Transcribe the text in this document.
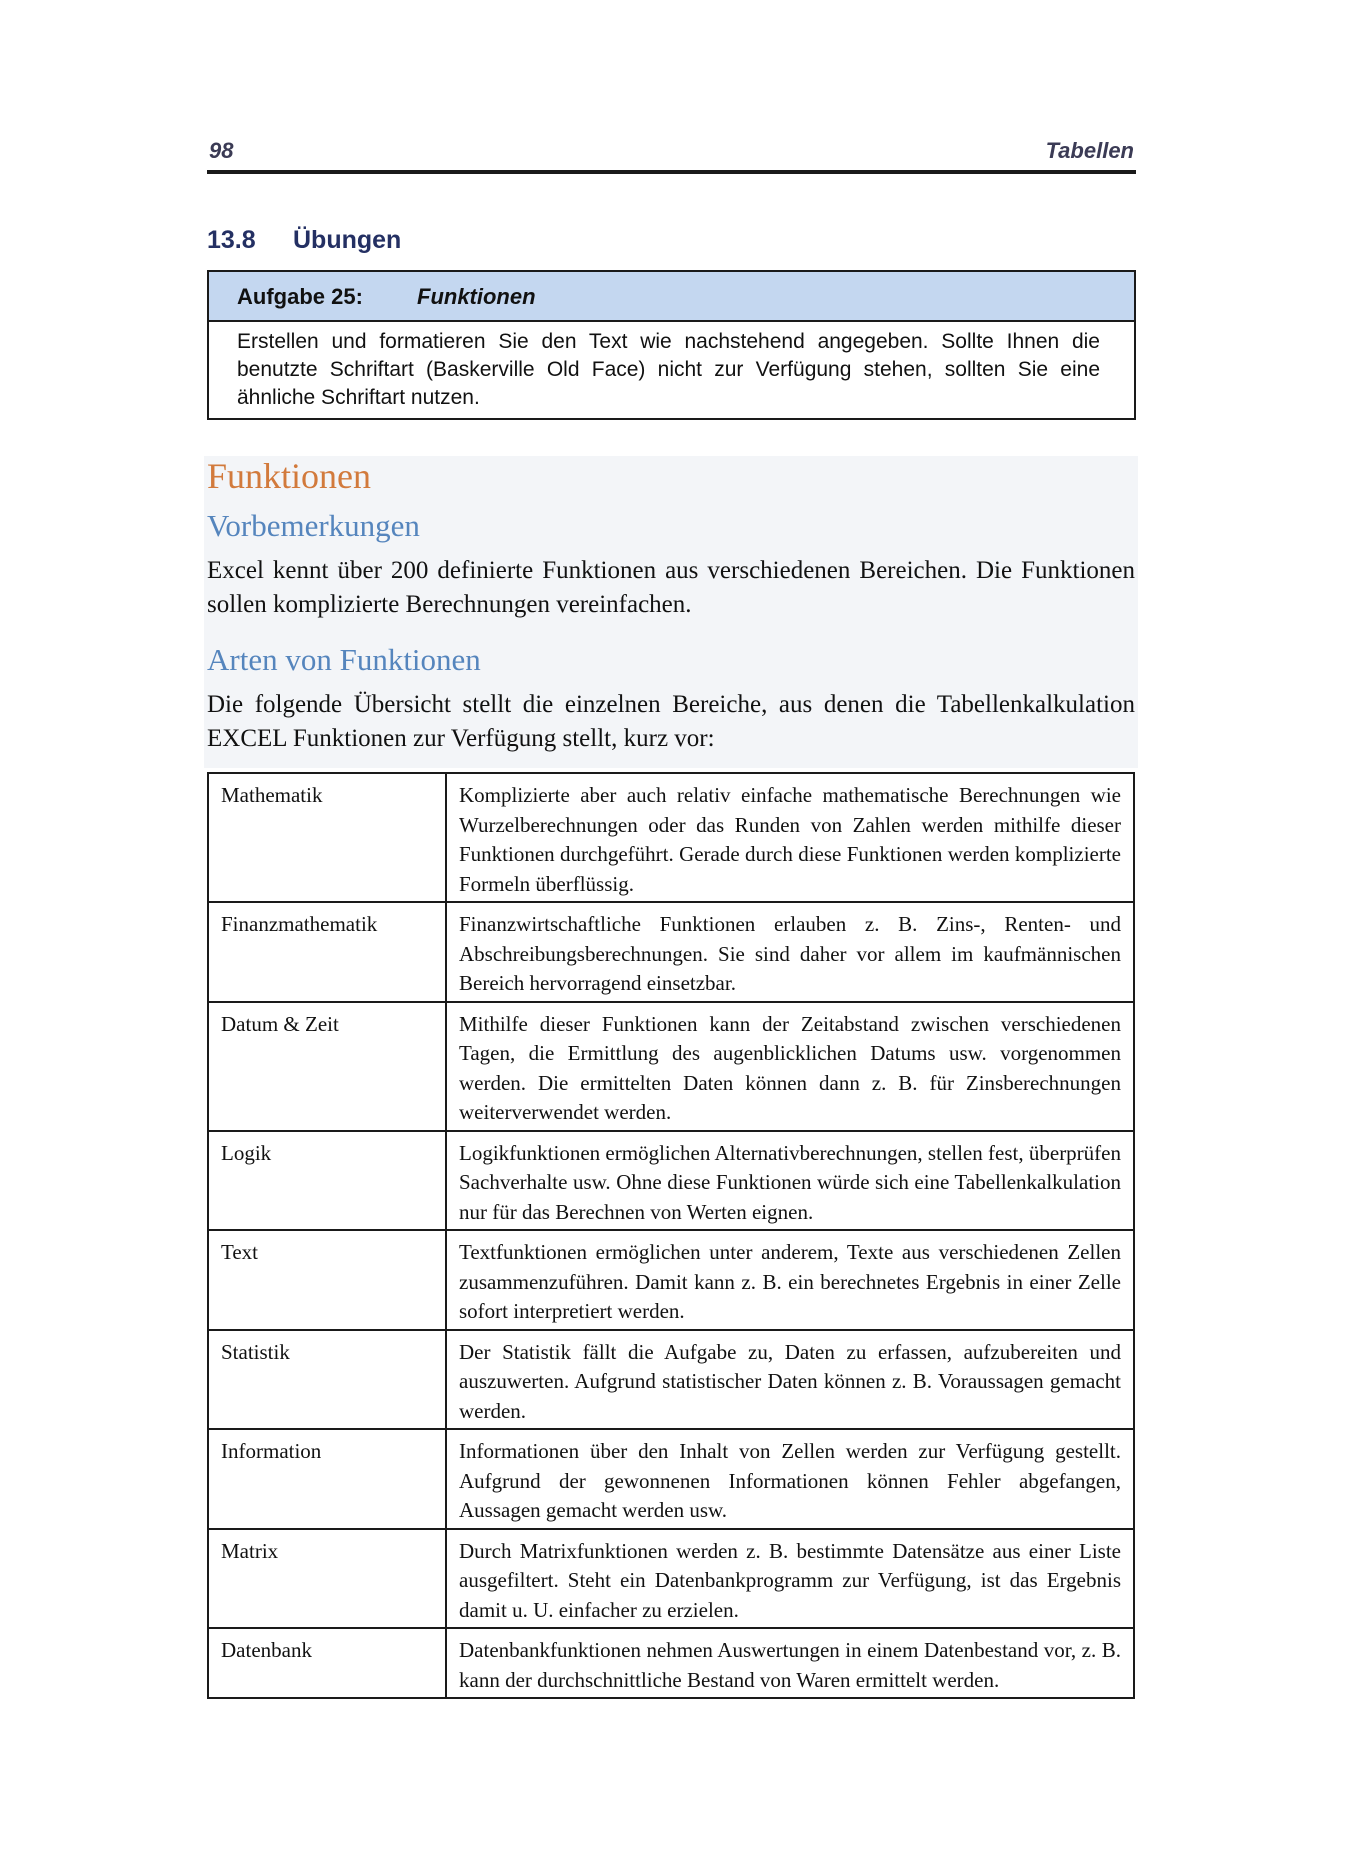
98	Tabellen
13.8 Übungen
Aufgabe 25: Funktionen
Erstellen und formatieren Sie den Text wie nachstehend angegeben. Sollte Ihnen die benutzte Schriftart (Baskerville Old Face) nicht zur Verfügung stehen, sollten Sie eine ähnliche Schriftart nutzen.
Funktionen
Vorbemerkungen
Excel kennt über 200 definierte Funktionen aus verschiedenen Bereichen. Die Funktionen sollen komplizierte Berechnungen vereinfachen.
Arten von Funktionen
Die folgende Übersicht stellt die einzelnen Bereiche, aus denen die Tabellenkalkulation EXCEL Funktionen zur Verfügung stellt, kurz vor:
Mathematik	Komplizierte aber auch relativ einfache mathematische Berechnungen wie Wurzelberechnungen oder das Runden von Zahlen werden mithilfe dieser Funktionen durchgeführt. Gerade durch diese Funktionen werden komplizierte Formeln überflüssig.
Finanzmathematik	Finanzwirtschaftliche Funktionen erlauben z. B. Zins-, Renten- und Abschreibungsberechnungen. Sie sind daher vor allem im kaufmännischen Bereich hervorragend einsetzbar.
Datum & Zeit	Mithilfe dieser Funktionen kann der Zeitabstand zwischen verschiedenen Tagen, die Ermittlung des augenblicklichen Datums usw. vorgenommen werden. Die ermittelten Daten können dann z. B. für Zinsberechnungen weiterverwendet werden.
Logik	Logikfunktionen ermöglichen Alternativberechnungen, stellen fest, überprüfen Sachverhalte usw. Ohne diese Funktionen würde sich eine Tabellenkalkulation nur für das Berechnen von Werten eignen.
Text	Textfunktionen ermöglichen unter anderem, Texte aus verschiedenen Zellen zusammenzuführen. Damit kann z. B. ein berechnetes Ergebnis in einer Zelle sofort interpretiert werden.
Statistik	Der Statistik fällt die Aufgabe zu, Daten zu erfassen, aufzubereiten und auszuwerten. Aufgrund statistischer Daten können z. B. Voraussagen gemacht werden.
Information	Informationen über den Inhalt von Zellen werden zur Verfügung gestellt. Aufgrund der gewonnenen Informationen können Fehler abgefangen, Aussagen gemacht werden usw.
Matrix	Durch Matrixfunktionen werden z. B. bestimmte Datensätze aus einer Liste ausgefiltert. Steht ein Datenbankprogramm zur Verfügung, ist das Ergebnis damit u. U. einfacher zu erzielen.
Datenbank	Datenbankfunktionen nehmen Auswertungen in einem Datenbestand vor, z. B. kann der durchschnittliche Bestand von Waren ermittelt werden.
